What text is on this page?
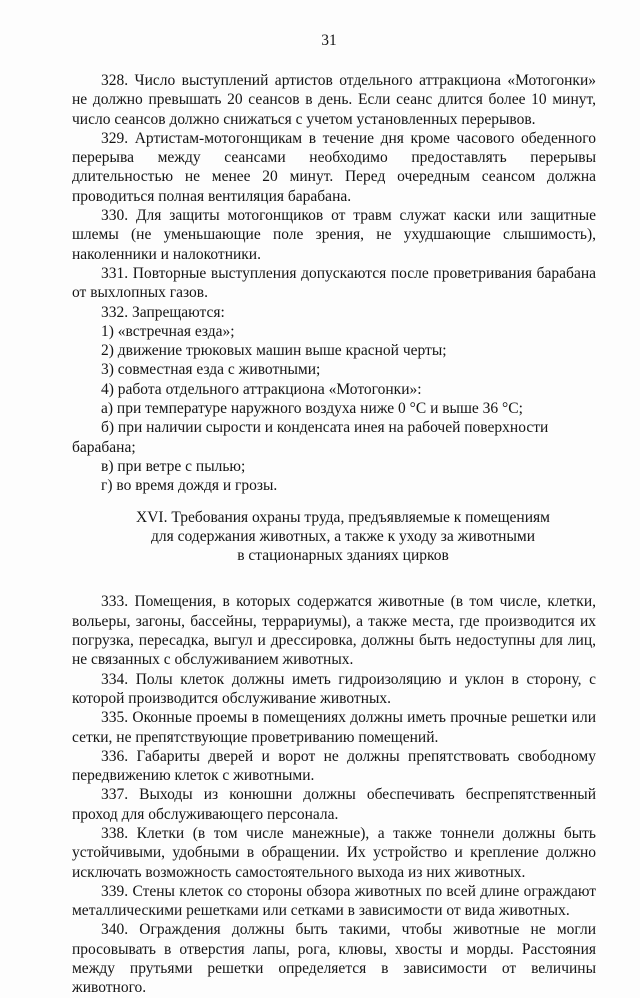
31

328. Число выступлений артистов отдельного аттракциона «Мотогонки» не должно превышать 20 сеансов в день. Если сеанс длится более 10 минут, число сеансов должно снижаться с учетом установленных перерывов.

329. Артистам-мотогонщикам в течение дня кроме часового обеденного перерыва между сеансами необходимо предоставлять перерывы длительностью не менее 20 минут. Перед очередным сеансом должна проводиться полная вентиляция барабана.

330. Для защиты мотогонщиков от травм служат каски или защитные шлемы (не уменьшающие поле зрения, не ухудшающие слышимость), наколенники и налокотники.

331. Повторные выступления допускаются после проветривания барабана от выхлопных газов.

332. Запрещаются:

1) «встречная езда»;

2) движение трюковых машин выше красной черты;

3) совместная езда с животными;

4) работа отдельного аттракциона «Мотогонки»:

а) при температуре наружного воздуха ниже 0 °С и выше 36 °С;

б) при наличии сырости и конденсата инея на рабочей поверхности барабана;

в) при ветре с пылью;

г) во время дождя и грозы.

XVI. Требования охраны труда, предъявляемые к помещениям
для содержания животных, а также к уходу за животными
в стационарных зданиях цирков

333. Помещения, в которых содержатся животные (в том числе, клетки, вольеры, загоны, бассейны, террариумы), а также места, где производится их погрузка, пересадка, выгул и дрессировка, должны быть недоступны для лиц, не связанных с обслуживанием животных.

334. Полы клеток должны иметь гидроизоляцию и уклон в сторону, с которой производится обслуживание животных.

335. Оконные проемы в помещениях должны иметь прочные решетки или сетки, не препятствующие проветриванию помещений.

336. Габариты дверей и ворот не должны препятствовать свободному передвижению клеток с животными.

337. Выходы из конюшни должны обеспечивать беспрепятственный проход для обслуживающего персонала.

338. Клетки (в том числе манежные), а также тоннели должны быть устойчивыми, удобными в обращении. Их устройство и крепление должно исключать возможность самостоятельного выхода из них животных.

339. Стены клеток со стороны обзора животных по всей длине ограждают металлическими решетками или сетками в зависимости от вида животных.

340. Ограждения должны быть такими, чтобы животные не могли просовывать в отверстия лапы, рога, клювы, хвосты и морды. Расстояния между прутьями решетки определяется в зависимости от величины животного.
